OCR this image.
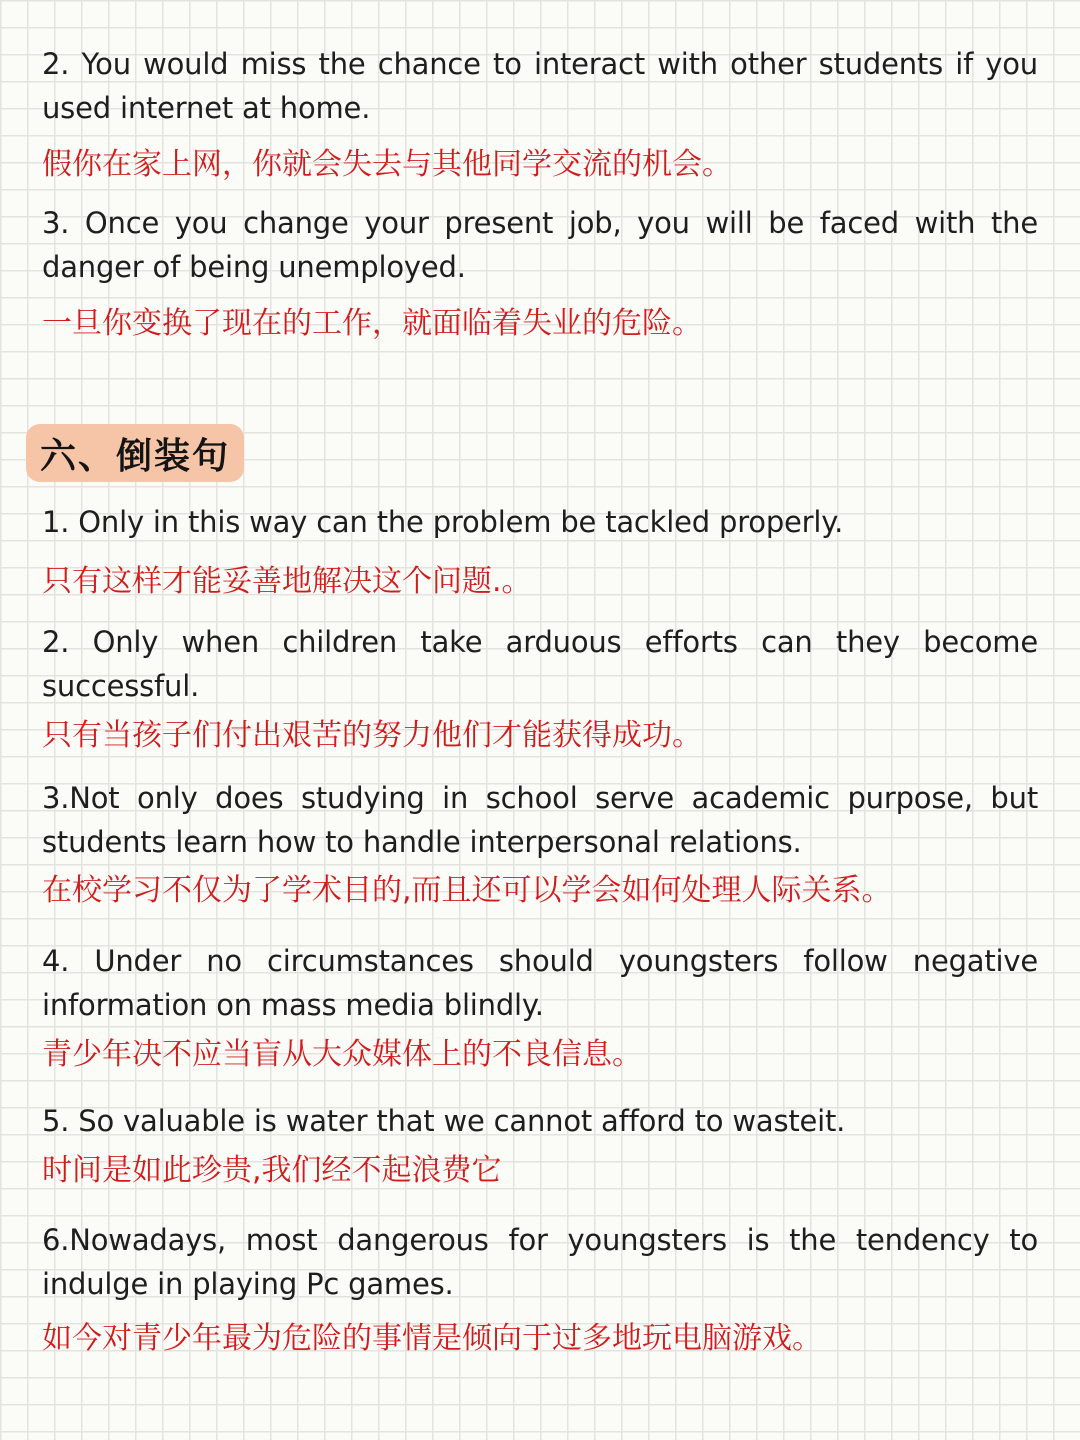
2. You would miss the chance to interact with other students if you used internet at home.

假你在家上网，你就会失去与其他同学交流的机会。

3. Once you change your present job, you will be faced with the danger of being unemployed.

一旦你变换了现在的工作，就面临着失业的危险。

六、倒装句

1. Only in this way can the problem be tackled properly.

只有这样才能妥善地解决这个问题.。

2. Only when children take arduous efforts can they become successful.

只有当孩子们付出艰苦的努力他们才能获得成功。

3.Not only does studying in school serve academic purpose, but students learn how to handle interpersonal relations.

在校学习不仅为了学术目的,而且还可以学会如何处理人际关系。

4. Under no circumstances should youngsters follow negative information on mass media blindly.

青少年决不应当盲从大众媒体上的不良信息。

5. So valuable is water that we cannot afford to wasteit.

时间是如此珍贵,我们经不起浪费它

6.Nowadays, most dangerous for youngsters is the tendency to indulge in playing Pc games.

如今对青少年最为危险的事情是倾向于过多地玩电脑游戏。
